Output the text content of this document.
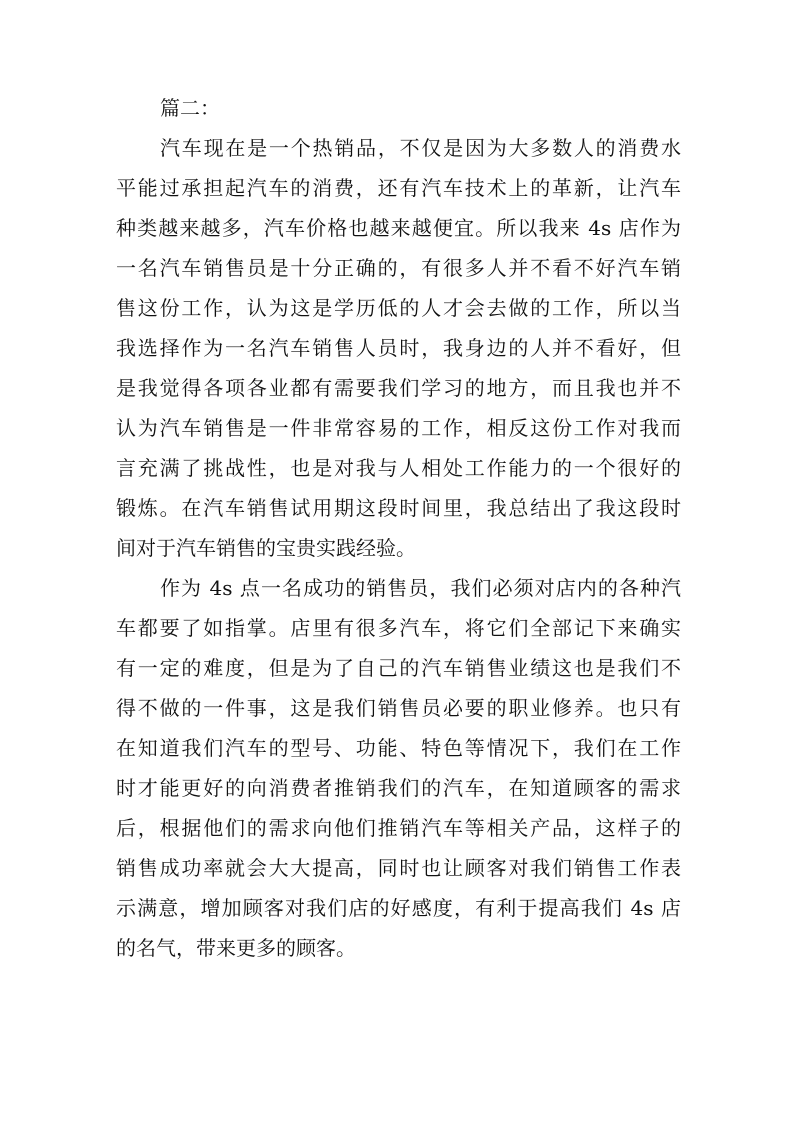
篇二：
汽车现在是一个热销品，不仅是因为大多数人的消费水
平能过承担起汽车的消费，还有汽车技术上的革新，让汽车
种类越来越多，汽车价格也越来越便宜。所以我来 4s 店作为
一名汽车销售员是十分正确的，有很多人并不看不好汽车销
售这份工作，认为这是学历低的人才会去做的工作，所以当
我选择作为一名汽车销售人员时，我身边的人并不看好，但
是我觉得各项各业都有需要我们学习的地方，而且我也并不
认为汽车销售是一件非常容易的工作，相反这份工作对我而
言充满了挑战性，也是对我与人相处工作能力的一个很好的
锻炼。在汽车销售试用期这段时间里，我总结出了我这段时
间对于汽车销售的宝贵实践经验。
作为 4s 点一名成功的销售员，我们必须对店内的各种汽
车都要了如指掌。店里有很多汽车，将它们全部记下来确实
有一定的难度，但是为了自己的汽车销售业绩这也是我们不
得不做的一件事，这是我们销售员必要的职业修养。也只有
在知道我们汽车的型号、功能、特色等情况下，我们在工作
时才能更好的向消费者推销我们的汽车，在知道顾客的需求
后，根据他们的需求向他们推销汽车等相关产品，这样子的
销售成功率就会大大提高，同时也让顾客对我们销售工作表
示满意，增加顾客对我们店的好感度，有利于提高我们 4s 店
的名气，带来更多的顾客。
